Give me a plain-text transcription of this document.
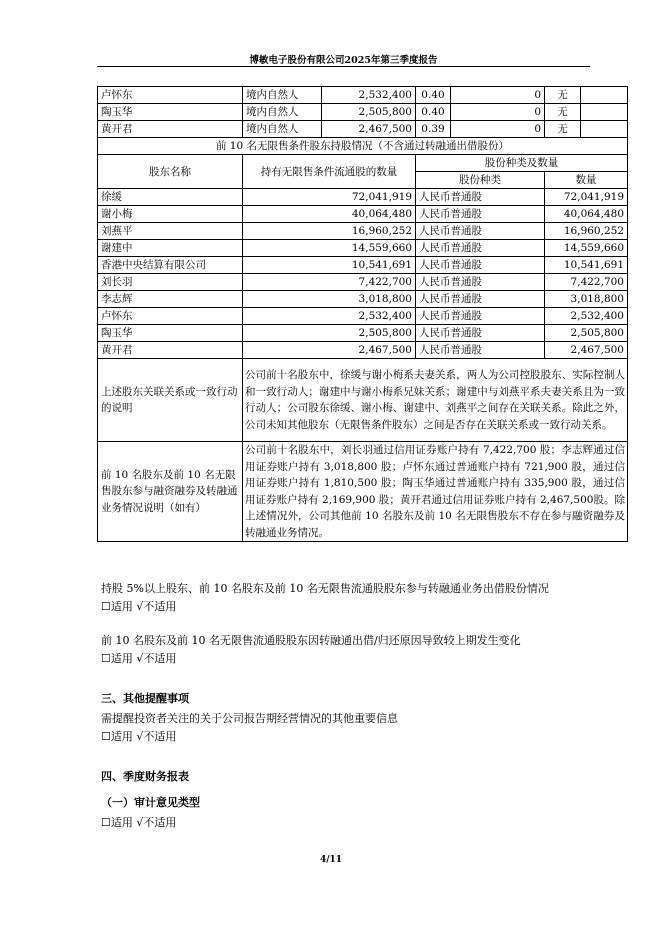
博敏电子股份有限公司2025年第三季度报告
卢怀东	境内自然人	2,532,400	0.40	0	无	
陶玉华	境内自然人	2,505,800	0.40	0	无	
黄开君	境内自然人	2,467,500	0.39	0	无	
前 10 名无限售条件股东持股情况（不含通过转融通出借股份）						
股东名称	持有无限售条件流通股的数量		股份种类及数量			
			股份种类		数量	
徐缓	72,041,919		人民币普通股		72,041,919	
谢小梅	40,064,480		人民币普通股		40,064,480	
刘燕平	16,960,252		人民币普通股		16,960,252	
谢建中	14,559,660		人民币普通股		14,559,660	
香港中央结算有限公司	10,541,691		人民币普通股		10,541,691	
刘长羽	7,422,700		人民币普通股		7,422,700	
李志辉	3,018,800		人民币普通股		3,018,800	
卢怀东	2,532,400		人民币普通股		2,532,400	
陶玉华	2,505,800		人民币普通股		2,505,800	
黄开君	2,467,500		人民币普通股		2,467,500	
上述股东关联关系或一致行动的说明	公司前十名股东中，徐缓与谢小梅系夫妻关系，两人为公司控股股东、实际控制人和一致行动人；谢建中与谢小梅系兄妹关系；谢建中与刘燕平系夫妻关系且为一致行动人；公司股东徐缓、谢小梅、谢建中、刘燕平之间存在关联关系。除此之外，公司未知其他股东（无限售条件股东）之间是否存在关联关系或一致行动关系。					
前 10 名股东及前 10 名无限售股东参与融资融券及转融通业务情况说明（如有）	公司前十名股东中，刘长羽通过信用证券账户持有 7,422,700 股；李志辉通过信用证券账户持有 3,018,800 股；卢怀东通过普通账户持有 721,900 股，通过信用证券账户持有 1,810,500 股；陶玉华通过普通账户持有 335,900 股，通过信用证券账户持有 2,169,900 股；黄开君通过信用证券账户持有 2,467,500股。除上述情况外，公司其他前 10 名股东及前 10 名无限售股东不存在参与融资融券及转融通业务情况。					
持股 5%以上股东、前 10 名股东及前 10 名无限售流通股股东参与转融通业务出借股份情况
☐适用 √不适用
前 10 名股东及前 10 名无限售流通股股东因转融通出借/归还原因导致较上期发生变化
☐适用 √不适用
三、其他提醒事项
需提醒投资者关注的关于公司报告期经营情况的其他重要信息
☐适用 √不适用
四、季度财务报表
（一）审计意见类型
☐适用 √不适用
4/11
